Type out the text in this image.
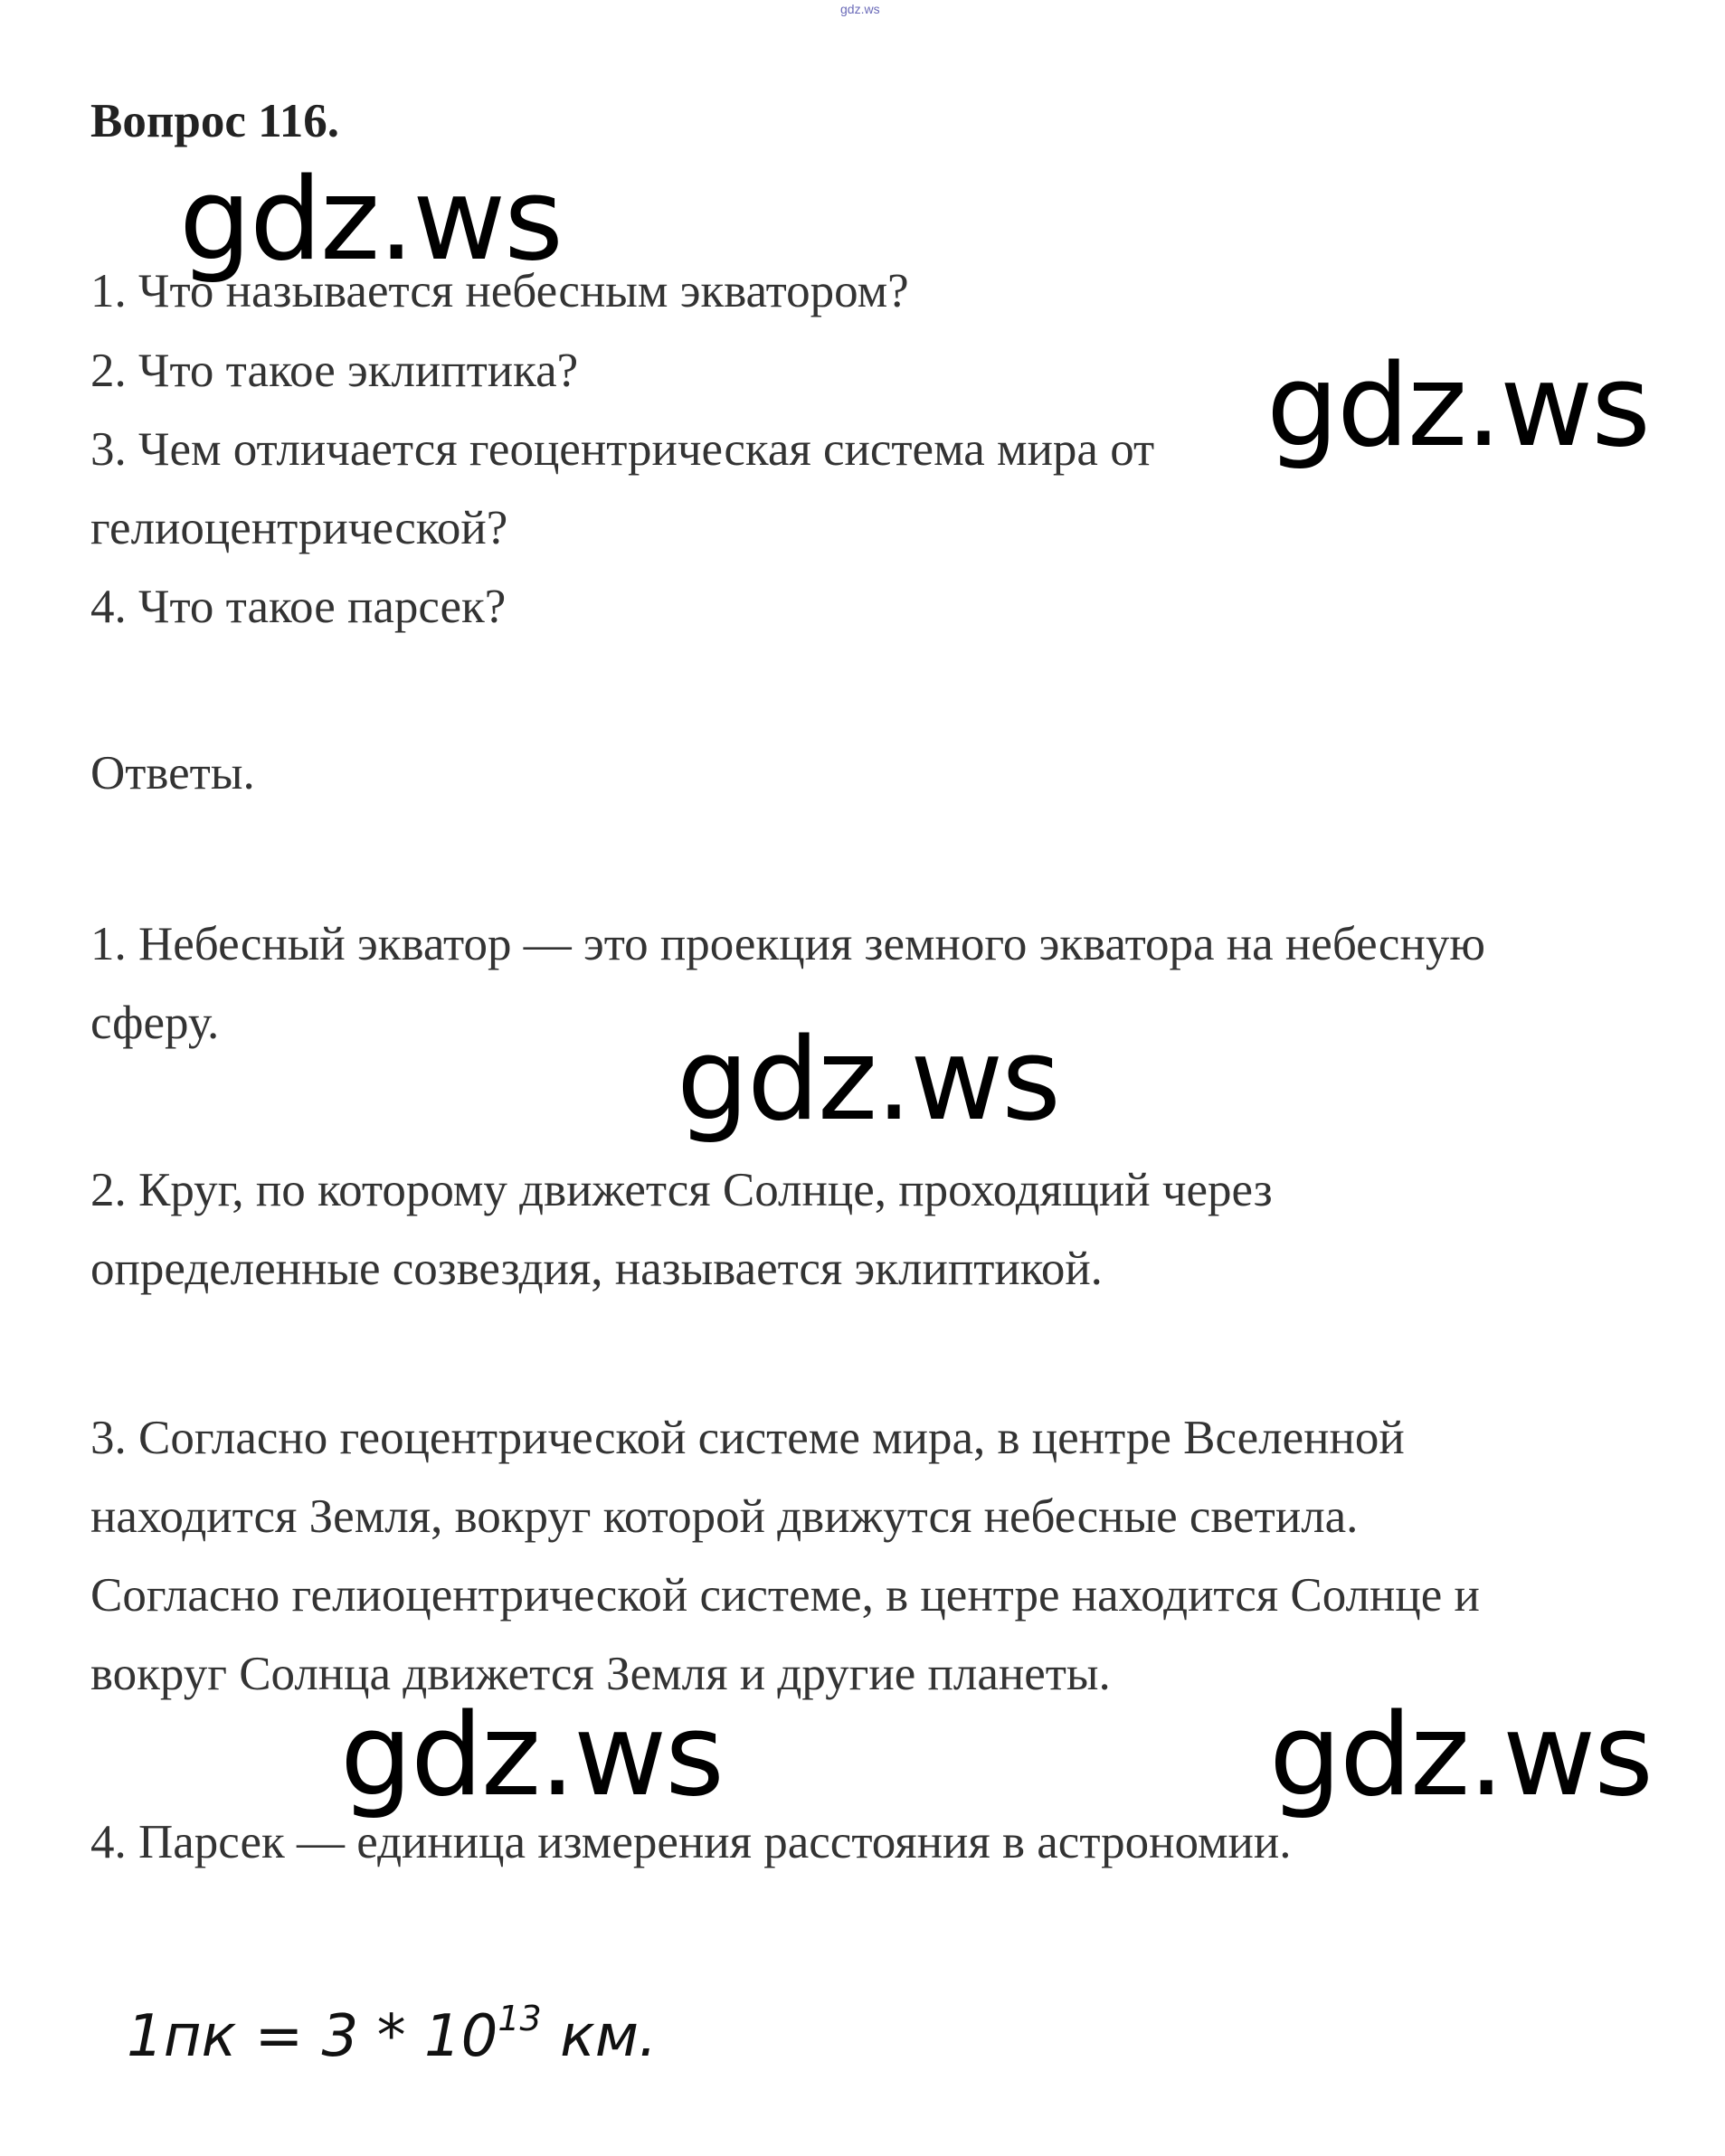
gdz.ws
Вопрос 116.

1. Что называется небесным экватором?

2. Что такое эклиптика?

3. Чем отличается геоцентрическая система мира от

гелиоцентрической?

4. Что такое парсек?

Ответы.

1. Небесный экватор — это проекция земного экватора на небесную

сферу.

2. Круг, по которому движется Солнце, проходящий через

определенные созвездия, называется эклиптикой.

3. Согласно геоцентрической системе мира, в центре Вселенной

находится Земля, вокруг которой движутся небесные светила.

Согласно гелиоцентрической системе, в центре находится Солнце и

вокруг Солнца движется Земля и другие планеты.

4. Парсек — единица измерения расстояния в астрономии.

$1пк = 3 * 10^{13}$ км.
gdz.ws
gdz.ws
gdz.ws
gdz.ws	gdz.ws
